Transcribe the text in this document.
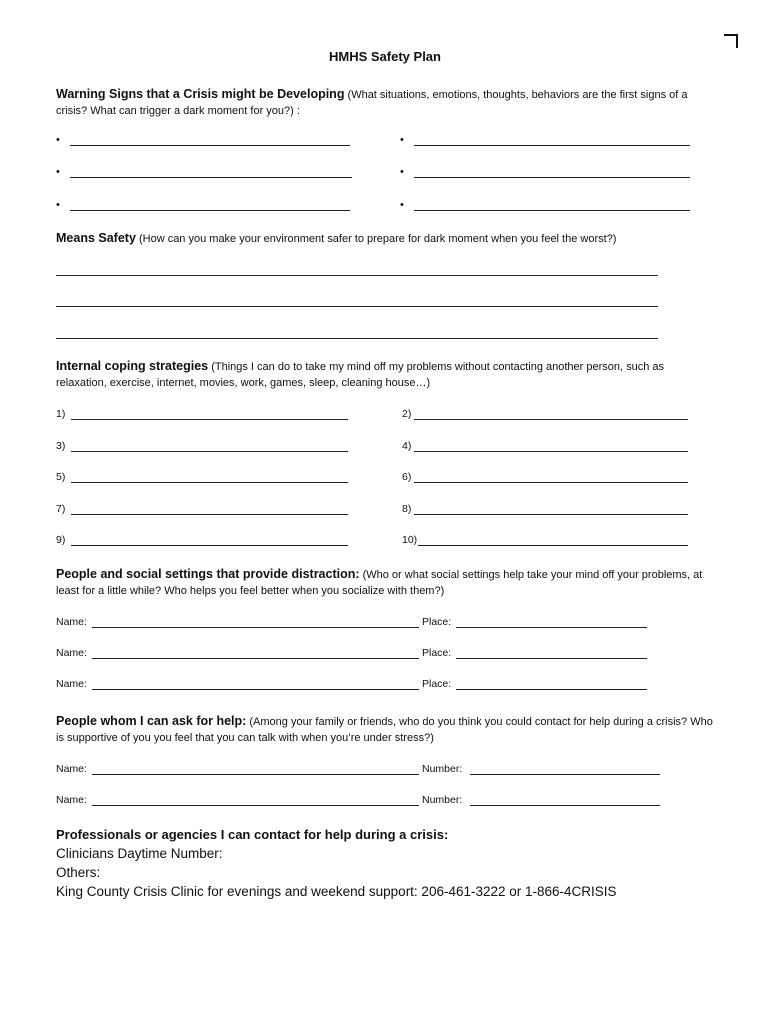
HMHS Safety Plan
Warning Signs that a Crisis might be Developing (What situations, emotions, thoughts, behaviors are the first signs of a crisis? What can trigger a dark moment for you?) :
•	•
•	•
•	•
Means Safety (How can you make your environment safer to prepare for dark moment when you feel the worst?)
Internal coping strategies (Things I can do to take my mind off my problems without contacting another person, such as relaxation, exercise, internet, movies, work, games, sleep, cleaning house…)
1)	2)
3)	4)
5)	6)
7)	8)
9)	10)
People and social settings that provide distraction: (Who or what social settings help take your mind off your problems, at least for a little while? Who helps you feel better when you socialize with them?)
Name:	Place:
Name:	Place:
Name:	Place:
People whom I can ask for help: (Among your family or friends, who do you think you could contact for help during a crisis? Who is supportive of you you feel that you can talk with when you’re under stress?)
Name:	Number:
Name:	Number:
Professionals or agencies I can contact for help during a crisis:
Clinicians Daytime Number:
Others:
King County Crisis Clinic for evenings and weekend support: 206-461-3222 or 1-866-4CRISIS
